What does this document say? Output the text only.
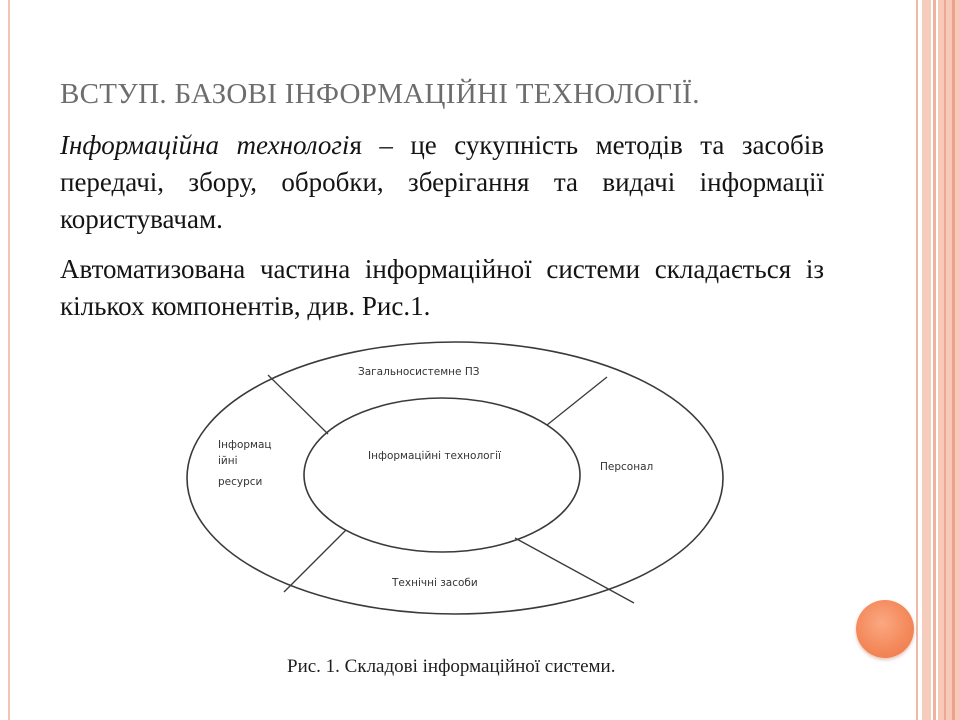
ВСТУП. БАЗОВІ ІНФОРМАЦІЙНІ ТЕХНОЛОГІЇ.

Інформаційна технологія – це сукупність методів та засобів передачі, збору, обробки, зберігання та видачі інформації користувачам.

Автоматизована частина інформаційної системи складається із кількох компонентів, див. Рис.1.

Загальносистемне ПЗ
Інформаційні технології
Інформац
ійні
ресурси
Персонал
Технічні засоби
Рис. 1. Складові інформаційної системи.
